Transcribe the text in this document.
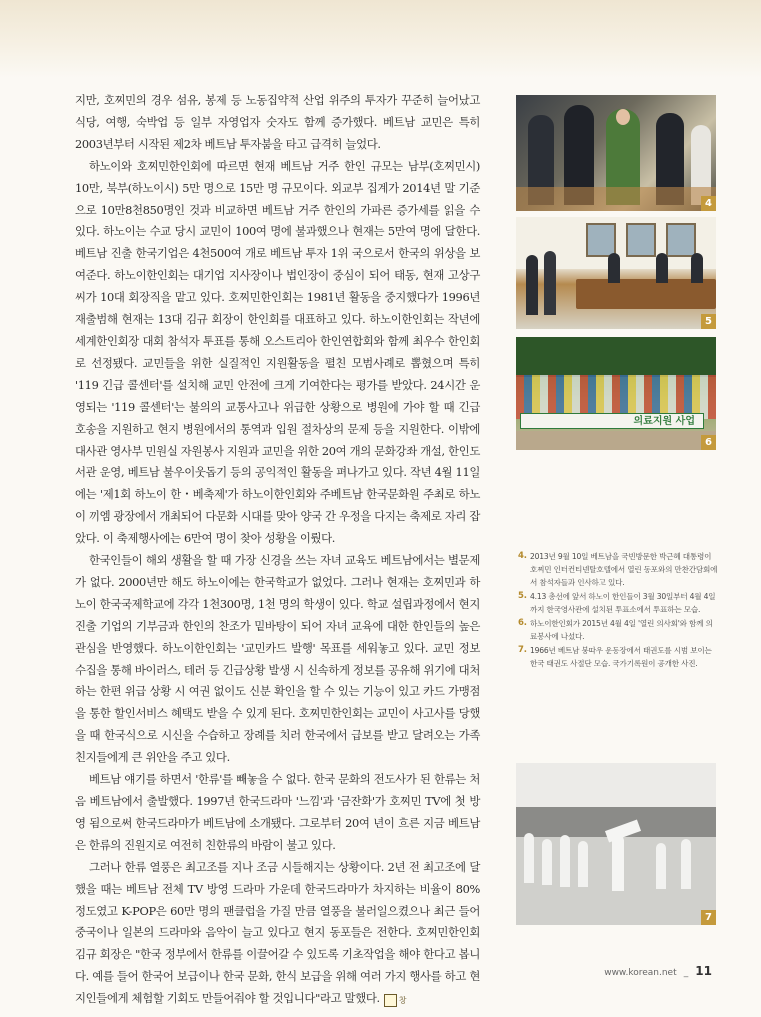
지만, 호찌민의 경우 섬유, 봉제 등 노동집약적 산업 위주의 투자가 꾸준히 늘어났고 식당, 여행, 숙박업 등 일부 자영업자 숫자도 함께 증가했다. 베트남 교민은 특히 2003년부터 시작된 제2차 베트남 투자붐을 타고 급격히 늘었다.

하노이와 호찌민한인회에 따르면 현재 베트남 거주 한인 규모는 남부(호찌민시) 10만, 북부(하노이시) 5만 명으로 15만 명 규모이다. 외교부 집계가 2014년 말 기준으로 10만8천850명인 것과 비교하면 베트남 거주 한인의 가파른 증가세를 읽을 수 있다. 하노이는 수교 당시 교민이 100여 명에 불과했으나 현재는 5만여 명에 달한다. 베트남 진출 한국기업은 4천500여 개로 베트남 투자 1위 국으로서 한국의 위상을 보여준다. 하노이한인회는 대기업 지사장이나 법인장이 중심이 되어 태동, 현재 고상구 씨가 10대 회장직을 맡고 있다. 호찌민한인회는 1981년 활동을 중지했다가 1996년 재출범해 현재는 13대 김규 회장이 한인회를 대표하고 있다. 하노이한인회는 작년에 세계한인회장 대회 참석자 투표를 통해 오스트리아 한인연합회와 함께 최우수 한인회로 선정됐다. 교민들을 위한 실질적인 지원활동을 펼친 모범사례로 뽑혔으며 특히 '119 긴급 콜센터'를 설치해 교민 안전에 크게 기여한다는 평가를 받았다. 24시간 운영되는 '119 콜센터'는 불의의 교통사고나 위급한 상황으로 병원에 가야 할 때 긴급 호송을 지원하고 현지 병원에서의 통역과 입원 절차상의 문제 등을 지원한다. 이밖에 대사관 영사부 민원실 자원봉사 지원과 교민을 위한 20여 개의 문화강좌 개설, 한인도서관 운영, 베트남 불우이웃돕기 등의 공익적인 활동을 펴나가고 있다. 작년 4월 11일에는 '제1회 하노이 한・베축제'가 하노이한인회와 주베트남 한국문화원 주최로 하노이 끼엠 광장에서 개최되어 다문화 시대를 맞아 양국 간 우정을 다지는 축제로 자리 잡았다. 이 축제행사에는 6만여 명이 찾아 성황을 이뤘다.

한국인들이 해외 생활을 할 때 가장 신경을 쓰는 자녀 교육도 베트남에서는 별문제가 없다. 2000년만 해도 하노이에는 한국학교가 없었다. 그러나 현재는 호찌민과 하노이 한국국제학교에 각각 1천300명, 1천 명의 학생이 있다. 학교 설립과정에서 현지 진출 기업의 기부금과 한인의 찬조가 밑바탕이 되어 자녀 교육에 대한 한인들의 높은 관심을 반영했다. 하노이한인회는 '교민카드 발행' 목표를 세워놓고 있다. 교민 정보 수집을 통해 바이러스, 테러 등 긴급상황 발생 시 신속하게 정보를 공유해 위기에 대처하는 한편 위급 상황 시 여권 없이도 신분 확인을 할 수 있는 기능이 있고 카드 가맹점을 통한 할인서비스 혜택도 받을 수 있게 된다. 호찌민한인회는 교민이 사고사를 당했을 때 한국식으로 시신을 수습하고 장례를 치러 한국에서 급보를 받고 달려오는 가족 친지들에게 큰 위안을 주고 있다.

베트남 얘기를 하면서 '한류'를 빼놓을 수 없다. 한국 문화의 전도사가 된 한류는 처음 베트남에서 출발했다. 1997년 한국드라마 '느낌'과 '금잔화'가 호찌민 TV에 첫 방영 됨으로써 한국드라마가 베트남에 소개됐다. 그로부터 20여 년이 흐른 지금 베트남은 한류의 진원지로 여전히 친한류의 바람이 불고 있다.

그러나 한류 열풍은 최고조를 지나 조금 시들해지는 상황이다. 2년 전 최고조에 달했을 때는 베트남 전체 TV 방영 드라마 가운데 한국드라마가 차지하는 비율이 80% 정도였고 K-POP은 60만 명의 팬클럽을 가질 만큼 열풍을 불러일으켰으나 최근 들어 중국이나 일본의 드라마와 음악이 늘고 있다고 현지 동포들은 전한다. 호찌민한인회 김규 회장은 "한국 정부에서 한류를 이끌어갈 수 있도록 기초작업을 해야 한다고 봅니다. 예를 들어 한국어 보급이나 한국 문화, 한식 보급을 위해 여러 가지 행사를 하고 현지인들에게 체험할 기회도 만들어줘야 할 것입니다"라고 말했다. 창

4
5
의료지원 사업
6
4. 2013년 9월 10일 베트남을 국빈방문한 박근혜 대통령이 호찌민 인터컨티넨탈호텔에서 열린 동포와의 만찬간담회에서 참석자들과 인사하고 있다.
5. 4.13 총선에 앞서 하노이 한인들이 3월 30일부터 4월 4일까지 한국영사관에 설치된 투표소에서 투표하는 모습.
6. 하노이한인회가 2015년 4월 4일 '열린 의사회'와 함께 의료봉사에 나섰다.
7. 1966년 베트남 붕따우 운동장에서 태권도를 시범 보이는 한국 태권도 사절단 모습. 국가기록원이 공개한 사진.
7
www.korean.net _ 11
